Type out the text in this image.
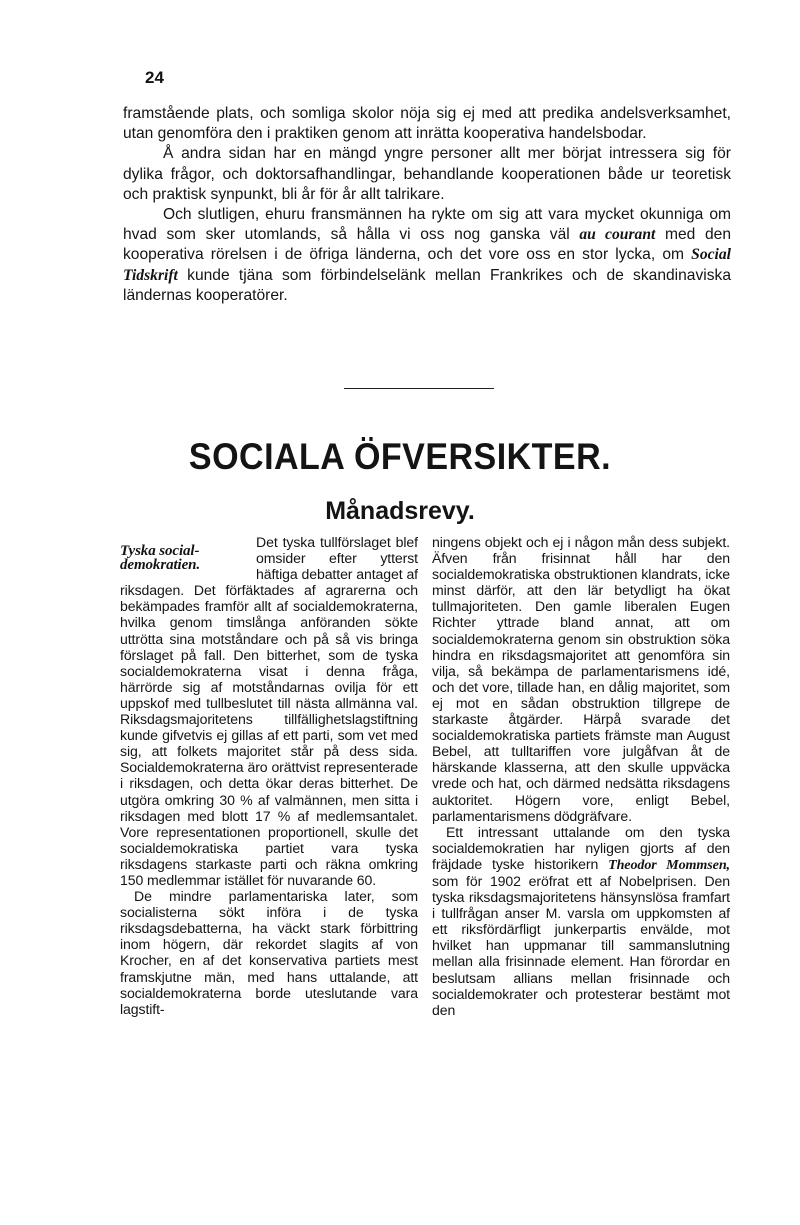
24

framstående plats, och somliga skolor nöja sig ej med att predika andelsverksamhet, utan genomföra den i praktiken genom att inrätta kooperativa handelsbodar.

Å andra sidan har en mängd yngre personer allt mer börjat intressera sig för dylika frågor, och doktorsafhandlingar, behandlande kooperationen både ur teoretisk och praktisk synpunkt, bli år för år allt talrikare.

Och slutligen, ehuru fransmännen ha rykte om sig att vara mycket okunniga om hvad som sker utomlands, så hålla vi oss nog ganska väl au courant med den kooperativa rörelsen i de öfriga länderna, och det vore oss en stor lycka, om Social Tidskrift kunde tjäna som förbindelselänk mellan Frankrikes och de skandinaviska ländernas kooperatörer.

SOCIALA ÖFVERSIKTER.
Månadsrevy.
Tyska social-demokratien.

Det tyska tullförslaget blef omsider efter ytterst häftiga debatter antaget af riksdagen. Det förfäktades af agrarerna och bekämpades framför allt af socialdemokraterna, hvilka genom timslånga anföranden sökte uttrötta sina motståndare och på så vis bringa förslaget på fall. Den bitterhet, som de tyska socialdemokraterna visat i denna fråga, härrörde sig af motståndarnas ovilja för ett uppskof med tullbeslutet till nästa allmänna val. Riksdagsmajoritetens tillfällighetslagstiftning kunde gifvetvis ej gillas af ett parti, som vet med sig, att folkets majoritet står på dess sida. Socialdemokraterna äro orättvist representerade i riksdagen, och detta ökar deras bitterhet. De utgöra omkring 30 % af valmännen, men sitta i riksdagen med blott 17 % af medlemsantalet. Vore representationen proportionell, skulle det socialdemokratiska partiet vara tyska riksdagens starkaste parti och räkna omkring 150 medlemmar istället för nuvarande 60.

De mindre parlamentariska later, som socialisterna sökt införa i de tyska riksdagsdebatterna, ha väckt stark förbittring inom högern, där rekordet slagits af von Krocher, en af det konservativa partiets mest framskjutne män, med hans uttalande, att socialdemokraterna borde uteslutande vara lagstift-

ningens objekt och ej i någon mån dess subjekt. Äfven från frisinnat håll har den socialdemokratiska obstruktionen klandrats, icke minst därför, att den lär betydligt ha ökat tullmajoriteten. Den gamle liberalen Eugen Richter yttrade bland annat, att om socialdemokraterna genom sin obstruktion söka hindra en riksdagsmajoritet att genomföra sin vilja, så bekämpa de parlamentarismens idé, och det vore, tillade han, en dålig majoritet, som ej mot en sådan obstruktion tillgrepe de starkaste åtgärder. Härpå svarade det socialdemokratiska partiets främste man August Bebel, att tulltariffen vore julgåfvan åt de härskande klasserna, att den skulle uppväcka vrede och hat, och därmed nedsätta riksdagens auktoritet. Högern vore, enligt Bebel, parlamentarismens dödgräfvare.

Ett intressant uttalande om den tyska socialdemokratien har nyligen gjorts af den fräjdade tyske historikern Theodor Mommsen, som för 1902 eröfrat ett af Nobelprisen. Den tyska riksdagsmajoritetens hänsynslösa framfart i tullfrågan anser M. varsla om uppkomsten af ett riksfördärfligt junkerpartis envälde, mot hvilket han uppmanar till sammanslutning mellan alla frisinnade element. Han förordar en beslutsam allians mellan frisinnade och socialdemokrater och protesterar bestämt mot den
